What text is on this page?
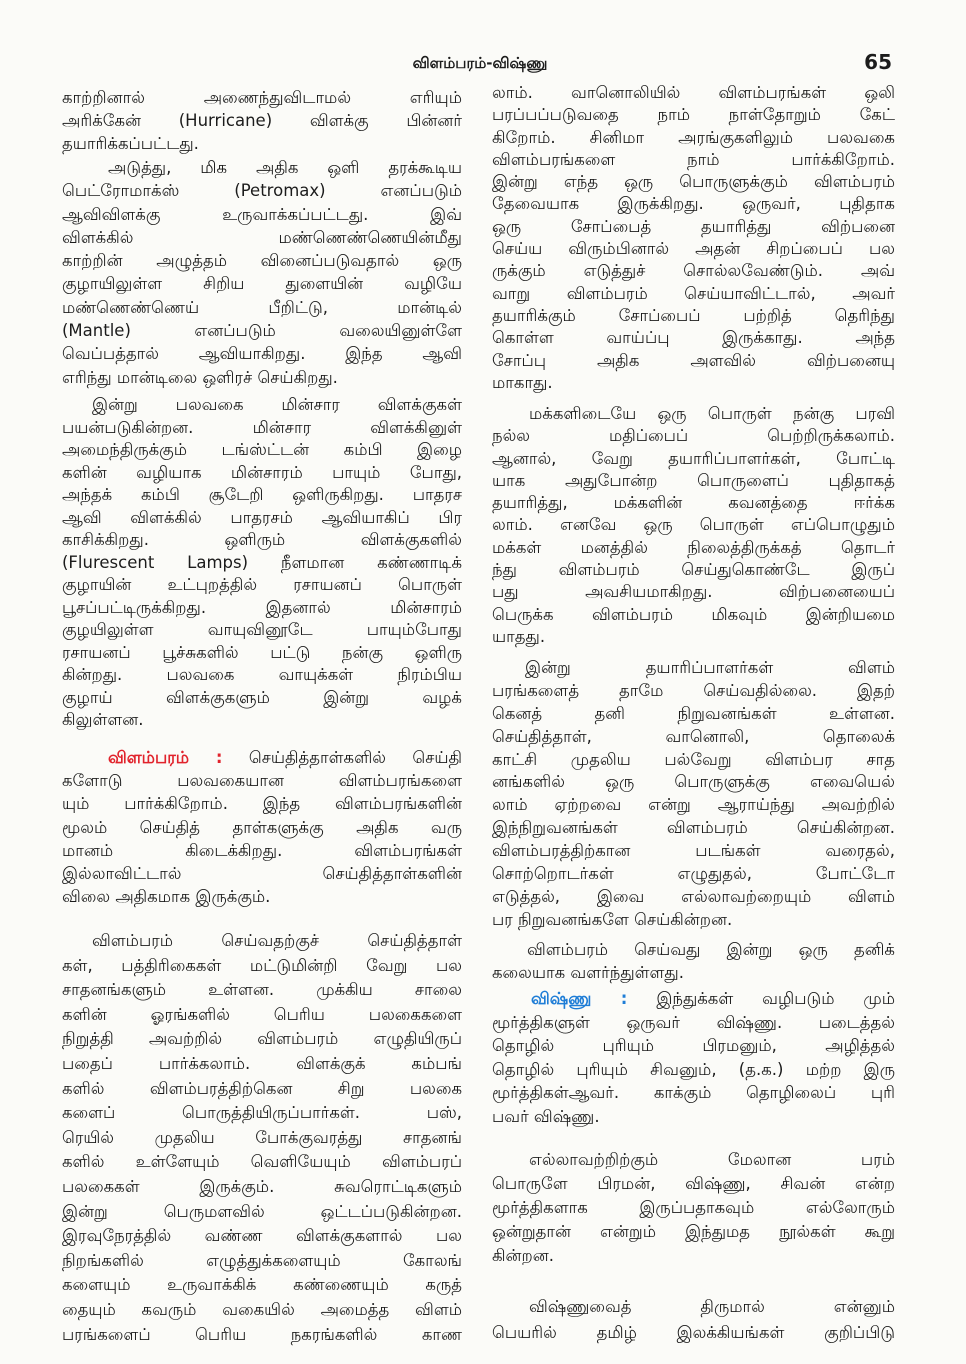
விளம்பரம்-விஷ்ணு	65
காற்றினால் அணைந்துவிடாமல் எரியும்
அரிக்கேன் (Hurricane) விளக்கு பின்னர்
தயாரிக்கப்பட்டது.
அடுத்து, மிக அதிக ஒளி தரக்கூடிய
பெட்ரோமாக்ஸ் (Petromax) எனப்படும்
ஆவிவிளக்கு உருவாக்கப்பட்டது. இவ்
விளக்கில் மண்ணெண்ணெயின்மீது
காற்றின் அழுத்தம் வினைப்படுவதால் ஒரு
குழாயிலுள்ள சிறிய துளையின் வழியே
மண்ணெண்ணெய் பீறிட்டு, மான்டில்
(Mantle) எனப்படும் வலையினுள்ளே
வெப்பத்தால் ஆவியாகிறது. இந்த ஆவி
எரிந்து மான்டிலை ஒளிரச் செய்கிறது.
இன்று பலவகை மின்சார விளக்குகள்
பயன்படுகின்றன. மின்சார விளக்கினுள்
அமைந்திருக்கும் டங்ஸ்ட்டன் கம்பி இழை
களின் வழியாக மின்சாரம் பாயும் போது,
அந்தக் கம்பி சூடேறி ஒளிருகிறது. பாதரச
ஆவி விளக்கில் பாதரசம் ஆவியாகிப் பிர
காசிக்கிறது. ஒளிரும் விளக்குகளில்
(Flurescent Lamps) நீளமான கண்ணாடிக்
குழாயின் உட்புறத்தில் ரசாயனப் பொருள்
பூசப்பட்டிருக்கிறது. இதனால் மின்சாரம்
குழயிலுள்ள வாயுவினூடே பாயும்போது
ரசாயனப் பூச்சுகளில் பட்டு நன்கு ஒளிரு
கின்றது. பலவகை வாயுக்கள் நிரம்பிய
குழாய் விளக்குகளும் இன்று வழக்
கிலுள்ளன.
விளம்பரம் : செய்தித்தாள்களில் செய்தி
களோடு பலவகையான விளம்பரங்களை
யும் பார்க்கிறோம். இந்த விளம்பரங்களின்
மூலம் செய்தித் தாள்களுக்கு அதிக வரு
மானம் கிடைக்கிறது. விளம்பரங்கள்
இல்லாவிட்டால் செய்தித்தாள்களின்
விலை அதிகமாக இருக்கும்.
விளம்பரம் செய்வதற்குச் செய்தித்தாள்
கள், பத்திரிகைகள் மட்டுமின்றி வேறு பல
சாதனங்களும் உள்ளன. முக்கிய சாலை
களின் ஓரங்களில் பெரிய பலகைகளை
நிறுத்தி அவற்றில் விளம்பரம் எழுதியிருப்
பதைப் பார்க்கலாம். விளக்குக் கம்பங்
களில் விளம்பரத்திற்கென சிறு பலகை
களைப் பொருத்தியிருப்பார்கள். பஸ்,
ரெயில் முதலிய போக்குவரத்து சாதனங்
களில் உள்ளேயும் வெளியேயும் விளம்பரப்
பலகைகள் இருக்கும். சுவரொட்டிகளும்
இன்று பெருமளவில் ஒட்டப்படுகின்றன.
இரவுநேரத்தில் வண்ண விளக்குகளால் பல
நிறங்களில் எழுத்துக்களையும் கோலங்
களையும் உருவாக்கிக் கண்ணையும் கருத்
தையும் கவரும் வகையில் அமைத்த விளம்
பரங்களைப் பெரிய நகரங்களில் காண
லாம். வானொலியில் விளம்பரங்கள் ஒலி
பரப்பப்படுவதை நாம் நாள்தோறும் கேட்
கிறோம். சினிமா அரங்குகளிலும் பலவகை
விளம்பரங்களை நாம் பார்க்கிறோம்.
இன்று எந்த ஒரு பொருளுக்கும் விளம்பரம்
தேவையாக இருக்கிறது. ஒருவர், புதிதாக
ஒரு சோப்பைத் தயாரித்து விற்பனை
செய்ய விரும்பினால் அதன் சிறப்பைப் பல
ருக்கும் எடுத்துச் சொல்லவேண்டும். அவ்
வாறு விளம்பரம் செய்யாவிட்டால், அவர்
தயாரிக்கும் சோப்பைப் பற்றித் தெரிந்து
கொள்ள வாய்ப்பு இருக்காது. அந்த
சோப்பு அதிக அளவில் விற்பனையு
மாகாது.
மக்களிடையே ஒரு பொருள் நன்கு பரவி
நல்ல மதிப்பைப் பெற்றிருக்கலாம்.
ஆனால், வேறு தயாரிப்பாளர்கள், போட்டி
யாக அதுபோன்ற பொருளைப் புதிதாகத்
தயாரித்து, மக்களின் கவனத்தை ஈர்க்க
லாம். எனவே ஒரு பொருள் எப்பொழுதும்
மக்கள் மனத்தில் நிலைத்திருக்கத் தொடர்
ந்து விளம்பரம் செய்துகொண்டே இருப்
பது அவசியமாகிறது. விற்பனையைப்
பெருக்க விளம்பரம் மிகவும் இன்றியமை
யாதது.
இன்று தயாரிப்பாளர்கள் விளம்
பரங்களைத் தாமே செய்வதில்லை. இதற்
கெனத் தனி நிறுவனங்கள் உள்ளன.
செய்தித்தாள், வானொலி, தொலைக்
காட்சி முதலிய பல்வேறு விளம்பர சாத
னங்களில் ஒரு பொருளுக்கு எவையெல்
லாம் ஏற்றவை என்று ஆராய்ந்து அவற்றில்
இந்நிறுவனங்கள் விளம்பரம் செய்கின்றன.
விளம்பரத்திற்கான படங்கள் வரைதல்,
சொற்றொடர்கள் எழுதுதல், போட்டோ
எடுத்தல், இவை எல்லாவற்றையும் விளம்
பர நிறுவனங்களே செய்கின்றன.
விளம்பரம் செய்வது இன்று ஒரு தனிக்
கலையாக வளர்ந்துள்ளது.
விஷ்ணு : இந்துக்கள் வழிபடும் மும்
மூர்த்திகளுள் ஒருவர் விஷ்ணு. படைத்தல்
தொழில் புரியும் பிரமனும், அழித்தல்
தொழில் புரியும் சிவனும், (த.க.) மற்ற இரு
மூர்த்திகள்ஆவர். காக்கும் தொழிலைப் புரி
பவர் விஷ்ணு.
எல்லாவற்றிற்கும் மேலான பரம்
பொருளே பிரமன், விஷ்ணு, சிவன் என்ற
மூர்த்திகளாக இருப்பதாகவும் எல்லோரும்
ஒன்றுதான் என்றும் இந்துமத நூல்கள் கூறு
கின்றன.
விஷ்ணுவைத் திருமால் என்னும்
பெயரில் தமிழ் இலக்கியங்கள் குறிப்பிடு
